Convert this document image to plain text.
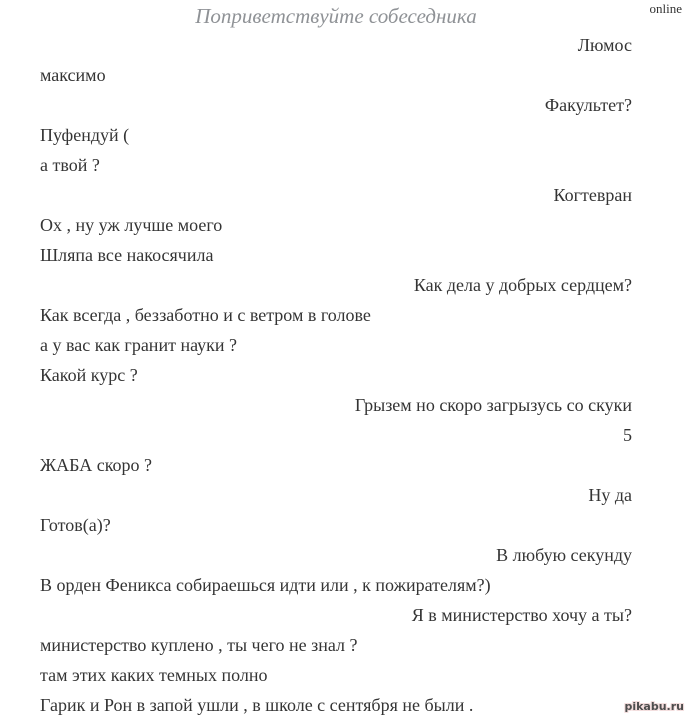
Поприветствуйте собеседника	online
Люмос
максимо
Факультет?
Пуфендуй (
а твой ?
Когтевран
Ох , ну уж лучше моего
Шляпа все накосячила
Как дела у добрых сердцем?
Как всегда , беззаботно и с ветром в голове
а у вас как гранит науки ?
Какой курс ?
Грызем но скоро загрызусь со скуки
5
ЖАБА скоро ?
Ну да
Готов(а)?
В любую секунду
В орден Феникса собираешься идти или , к пожирателям?)
Я в министерство хочу а ты?
министерство куплено , ты чего не знал ?
там этих каких темных полно
Гарик и Рон в запой ушли , в школе с сентября не были .	pikabu.ru
